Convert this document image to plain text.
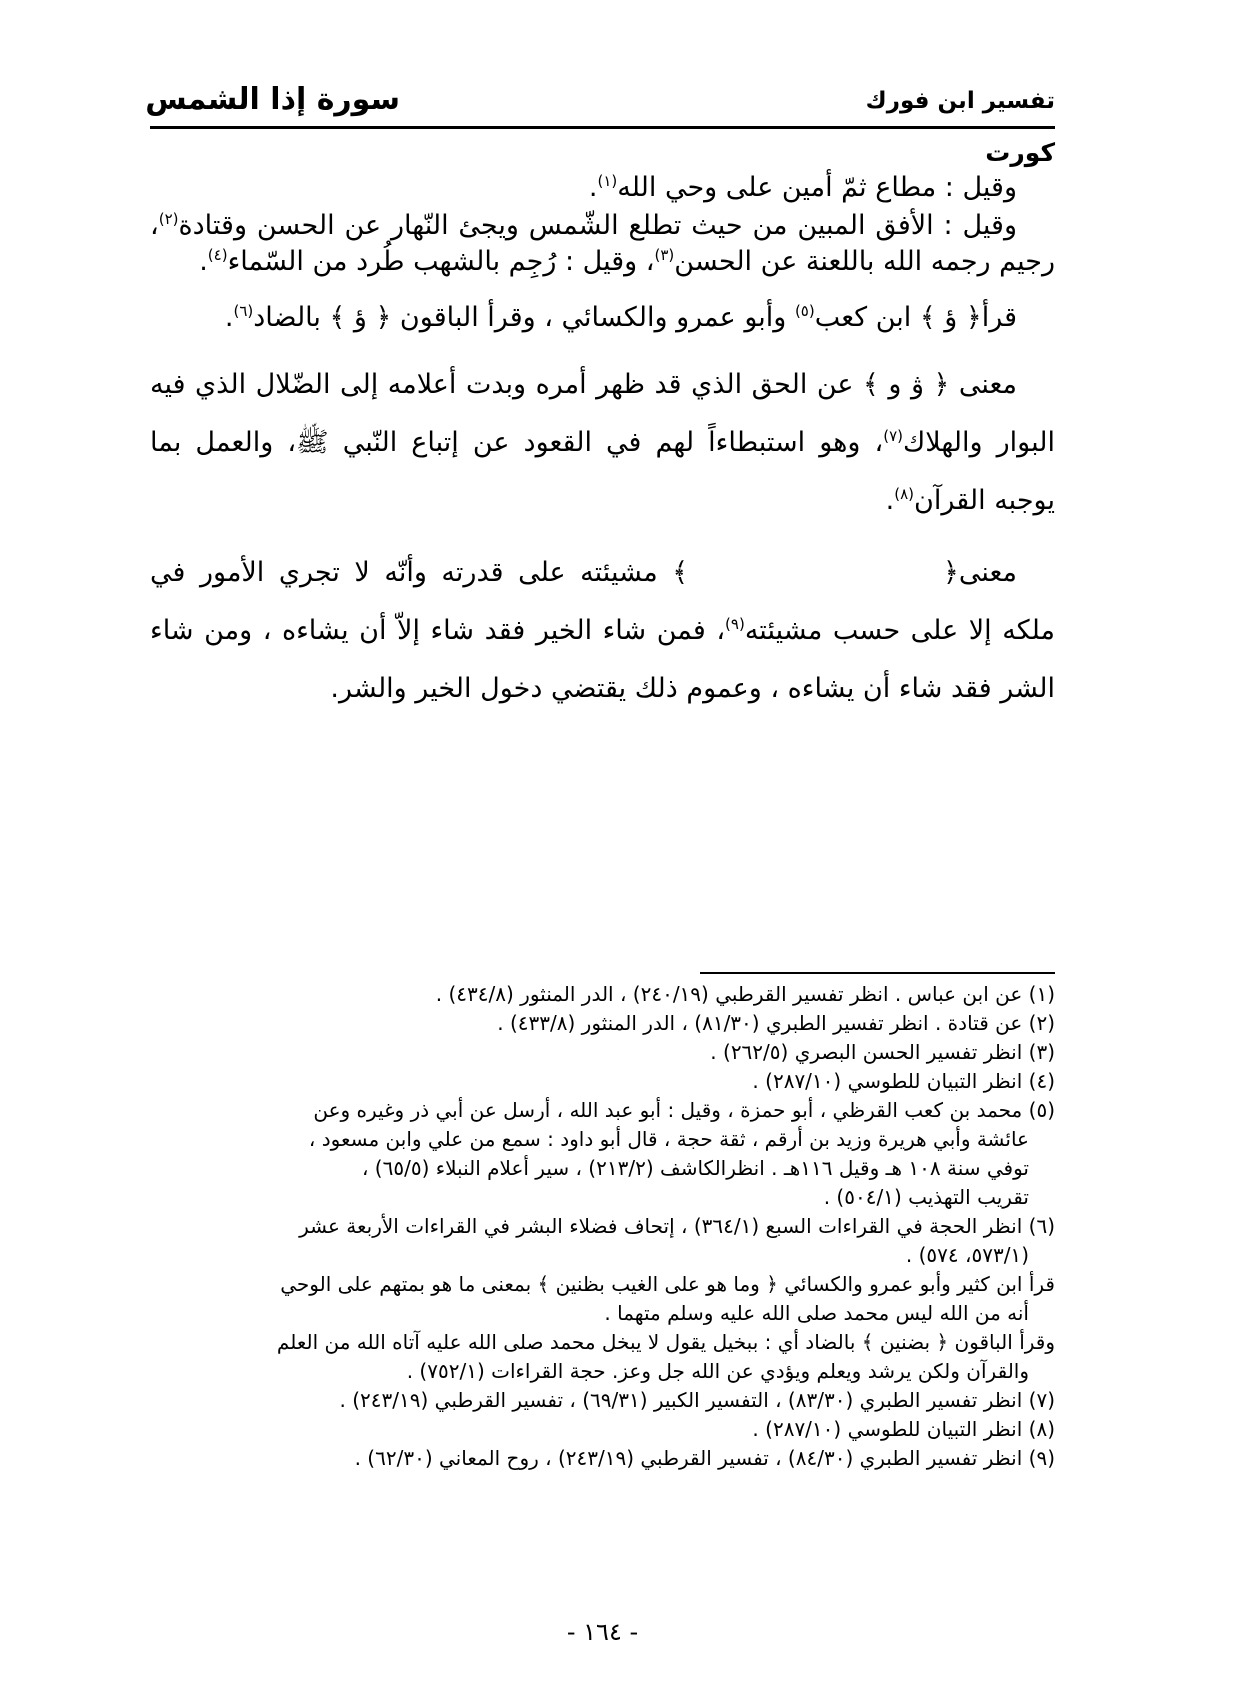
تفسير ابن فورك
سورة إذا الشمس
كورت

وقيل : مطاع ثمّ أمين على وحي الله$^{(١)}$.

وقيل : الأفق المبين من حيث تطلع الشّمس ويجئ النّهار عن الحسن وقتادة$^{(٢)}$، رجيم رجمه الله باللعنة عن الحسن$^{(٣)}$، وقيل : رُجِم بالشهب طُرد من السّماء$^{(٤)}$.

قرأ﴿ ؤ ﴾ ابن كعب$^{(٥)}$ وأبو عمرو والكسائي ، وقرأ الباقون ﴿ ؤ ﴾ بالضاد$^{(٦)}$.

معنى ﴿ ۋ و ﴾ عن الحق الذي قد ظهر أمره وبدت أعلامه إلى الضّلال الذي فيه البوار والهلاك$^{(٧)}$، وهو استبطاءاً لهم في القعود عن إتباع النّبي ﷺ، والعمل بما يوجبه القرآن$^{(٨)}$.

معنى﴿﴾ مشيئته على قدرته وأنّه لا تجري الأمور في ملكه إلا على حسب مشيئته$^{(٩)}$، فمن شاء الخير فقد شاء إلاّ أن يشاءه ، ومن شاء الشر فقد شاء أن يشاءه ، وعموم ذلك يقتضي دخول الخير والشر.

(١) عن ابن عباس . انظر تفسير القرطبي (٢٤٠/١٩) ، الدر المنثور (٤٣٤/٨) .

(٢) عن قتادة . انظر تفسير الطبري (٨١/٣٠) ، الدر المنثور (٤٣٣/٨) .

(٣) انظر تفسير الحسن البصري (٢٦٢/٥) .

(٤) انظر التبيان للطوسي (٢٨٧/١٠) .

(٥) محمد بن كعب القرظي ، أبو حمزة ، وقيل : أبو عبد الله ، أرسل عن أبي ذر وغيره وعن

عائشة وأبي هريرة وزيد بن أرقم ، ثقة حجة ، قال أبو داود : سمع من علي وابن مسعود ،

توفي سنة ١٠٨ هـ وقيل ١١٦هـ . انظرالكاشف (٢١٣/٢) ، سير أعلام النبلاء (٦٥/٥) ،

تقريب التهذيب (٥٠٤/١) .

(٦) انظر الحجة في القراءات السبع (٣٦٤/١) ، إتحاف فضلاء البشر في القراءات الأربعة عشر

(٥٧٣/١، ٥٧٤) .

قرأ ابن كثير وأبو عمرو والكسائي ﴿ وما هو على الغيب بظنين ﴾ بمعنى ما هو بمتهم على الوحي

أنه من الله ليس محمد صلى الله عليه وسلم متهما .

وقرأ الباقون ﴿ بضنين ﴾ بالضاد أي : ببخيل يقول لا يبخل محمد صلى الله عليه آتاه الله من العلم

والقرآن ولكن يرشد ويعلم ويؤدي عن الله جل وعز. حجة القراءات (٧٥٢/١) .

(٧) انظر تفسير الطبري (٨٣/٣٠) ، التفسير الكبير (٦٩/٣١) ، تفسير القرطبي (٢٤٣/١٩) .

(٨) انظر التبيان للطوسي (٢٨٧/١٠) .

(٩) انظر تفسير الطبري (٨٤/٣٠) ، تفسير القرطبي (٢٤٣/١٩) ، روح المعاني (٦٢/٣٠) .

- ١٦٤ -
